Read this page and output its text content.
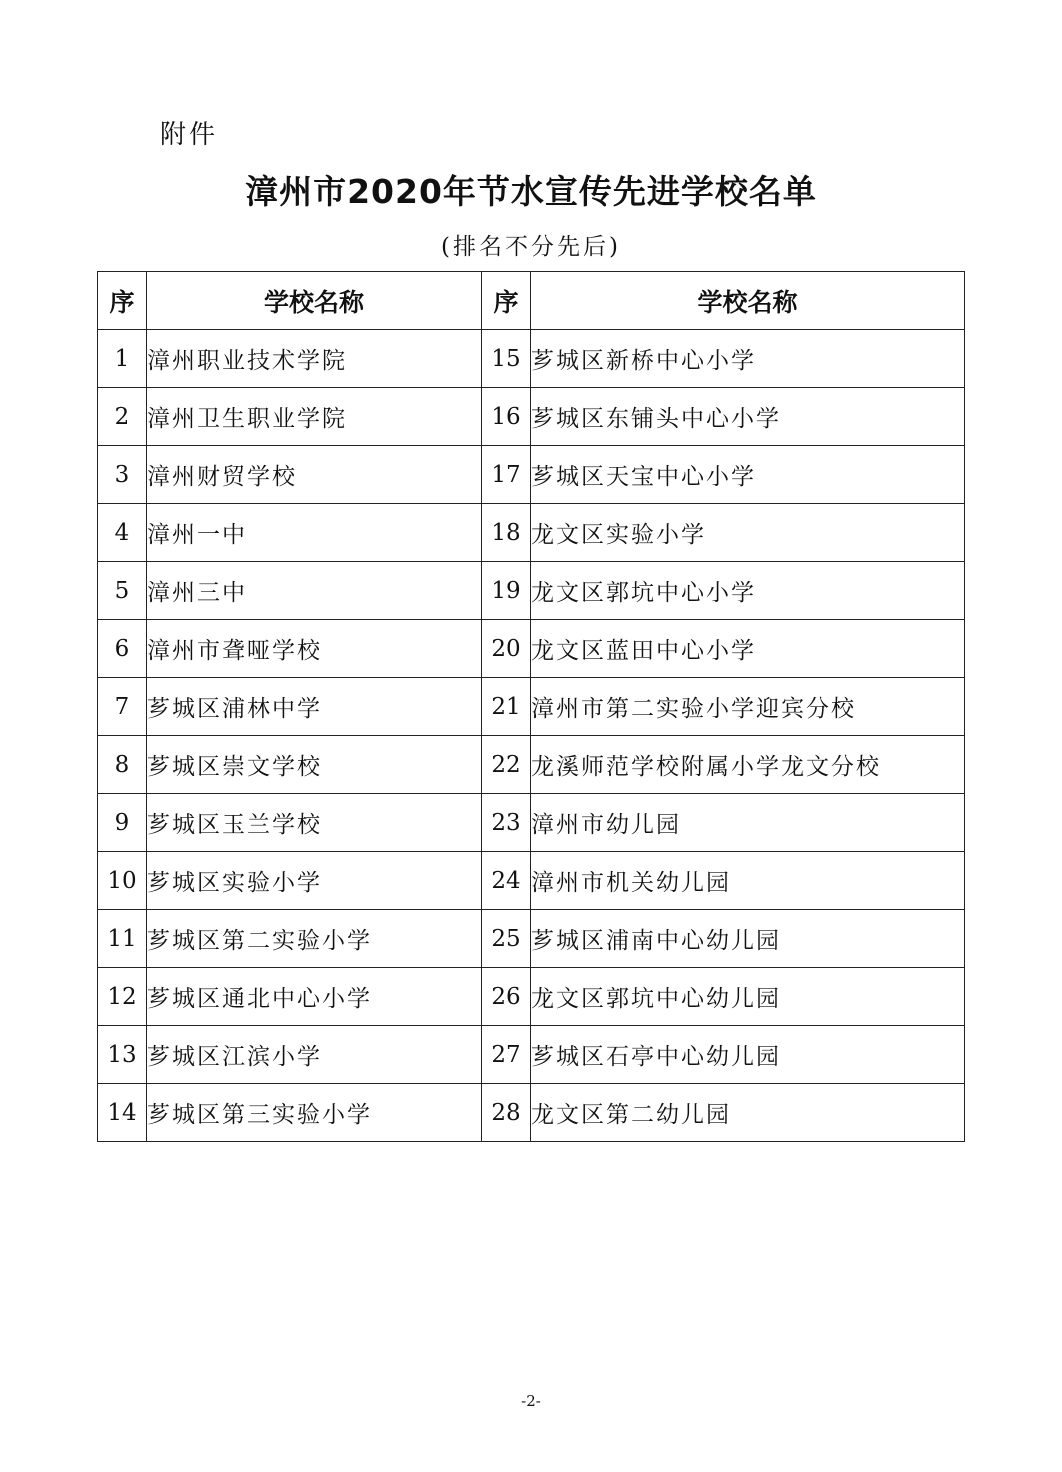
附件
漳州市2020年节水宣传先进学校名单
(排名不分先后)
序	学校名称		序	学校名称
1	漳州职业技术学院		15	芗城区新桥中心小学
2	漳州卫生职业学院		16	芗城区东铺头中心小学
3	漳州财贸学校		17	芗城区天宝中心小学
4	漳州一中		18	龙文区实验小学
5	漳州三中		19	龙文区郭坑中心小学
6	漳州市聋哑学校		20	龙文区蓝田中心小学
7	芗城区浦林中学		21	漳州市第二实验小学迎宾分校
8	芗城区崇文学校		22	龙溪师范学校附属小学龙文分校
9	芗城区玉兰学校		23	漳州市幼儿园
10	芗城区实验小学		24	漳州市机关幼儿园
11	芗城区第二实验小学		25	芗城区浦南中心幼儿园
12	芗城区通北中心小学		26	龙文区郭坑中心幼儿园
13	芗城区江滨小学		27	芗城区石亭中心幼儿园
14	芗城区第三实验小学		28	龙文区第二幼儿园
-2-
